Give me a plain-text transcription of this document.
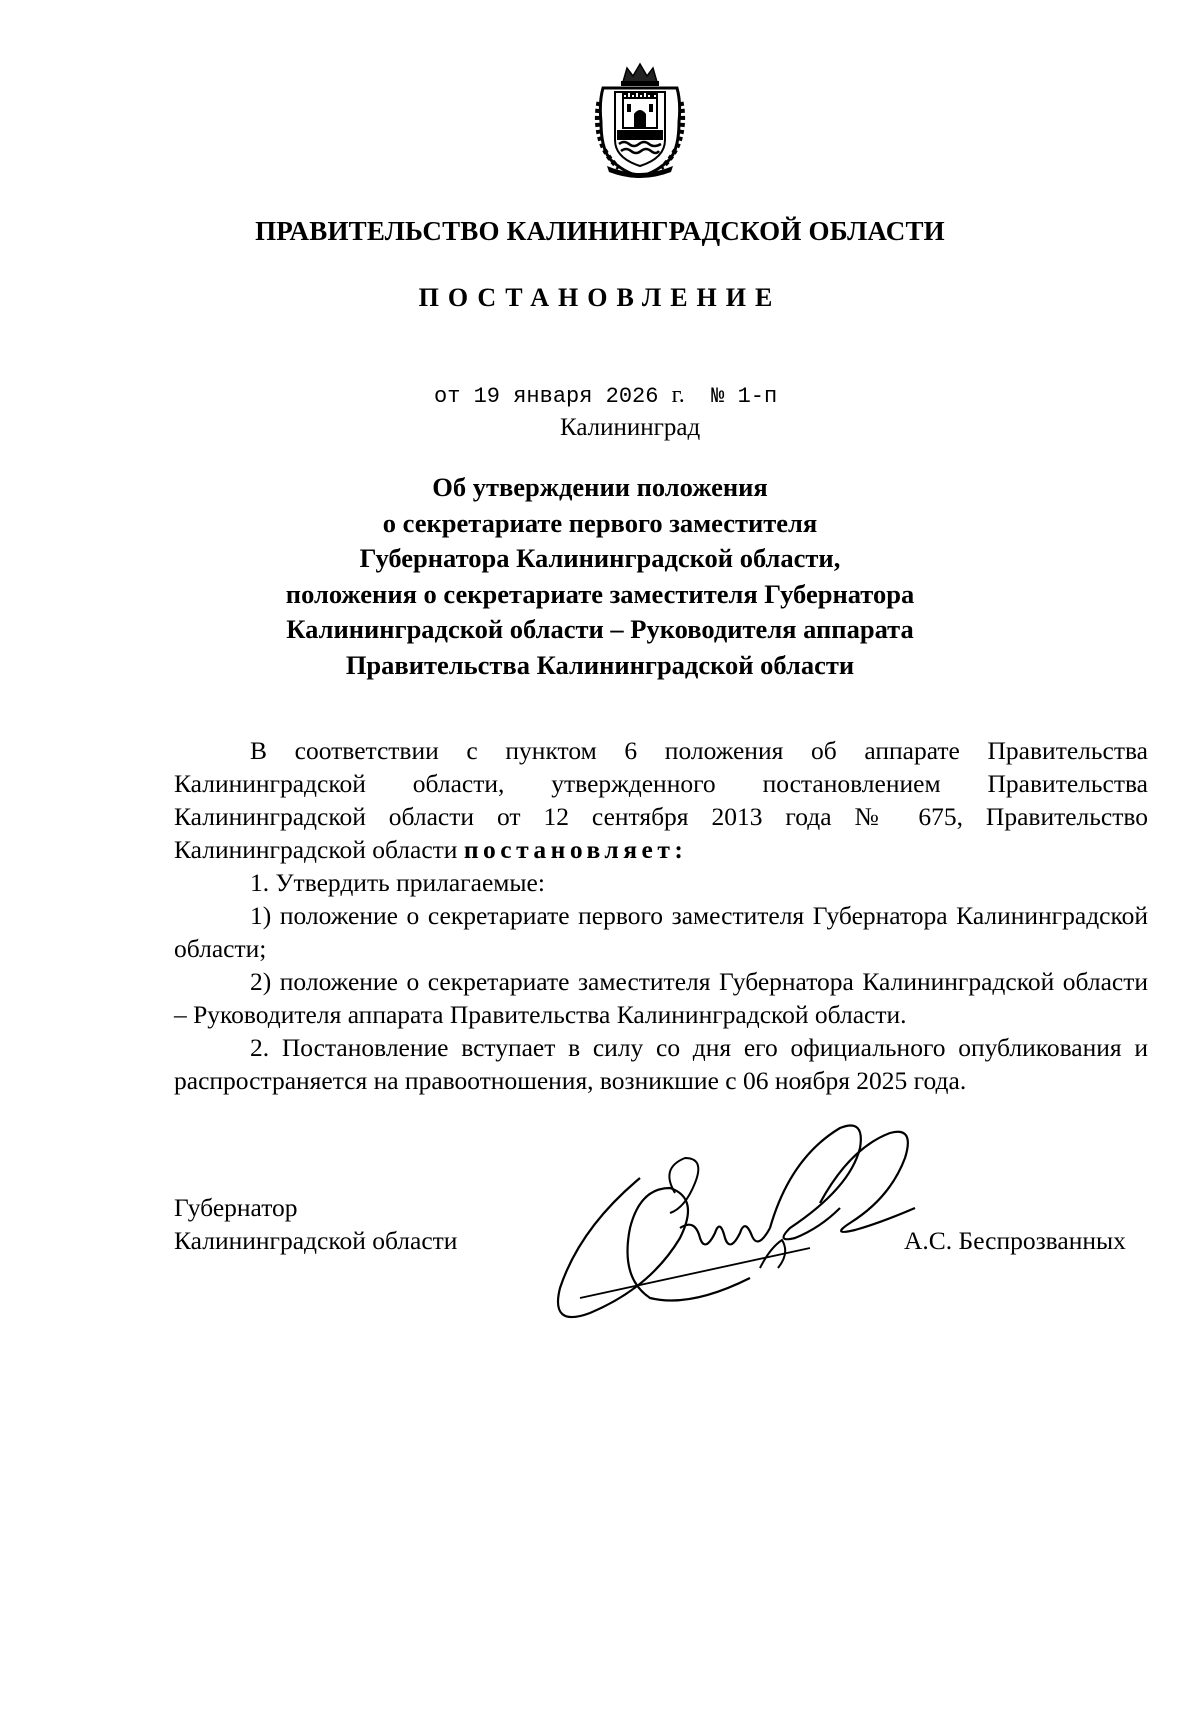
ПРАВИТЕЛЬСТВО КАЛИНИНГРАДСКОЙ ОБЛАСТИ
ПОСТАНОВЛЕНИЕ
от 19 января 2026 г. № 1-п
Калининград
Об утверждении положения
о секретариате первого заместителя
Губернатора Калининградской области,
положения о секретариате заместителя Губернатора
Калининградской области – Руководителя аппарата
Правительства Калининградской области

В соответствии с пунктом 6 положения об аппарате Правительства Калининградской области, утвержденного постановлением Правительства Калининградской области от 12 сентября 2013 года № 675, Правительство Калининградской области постановляет:

1. Утвердить прилагаемые:

1) положение о секретариате первого заместителя Губернатора Калининградской области;

2) положение о секретариате заместителя Губернатора Калининградской области – Руководителя аппарата Правительства Калининградской области.

2. Постановление вступает в силу со дня его официального опубликования и распространяется на правоотношения, возникшие с 06 ноября 2025 года.

Губернатор
Калининградской области	А.С. Беспрозванных
